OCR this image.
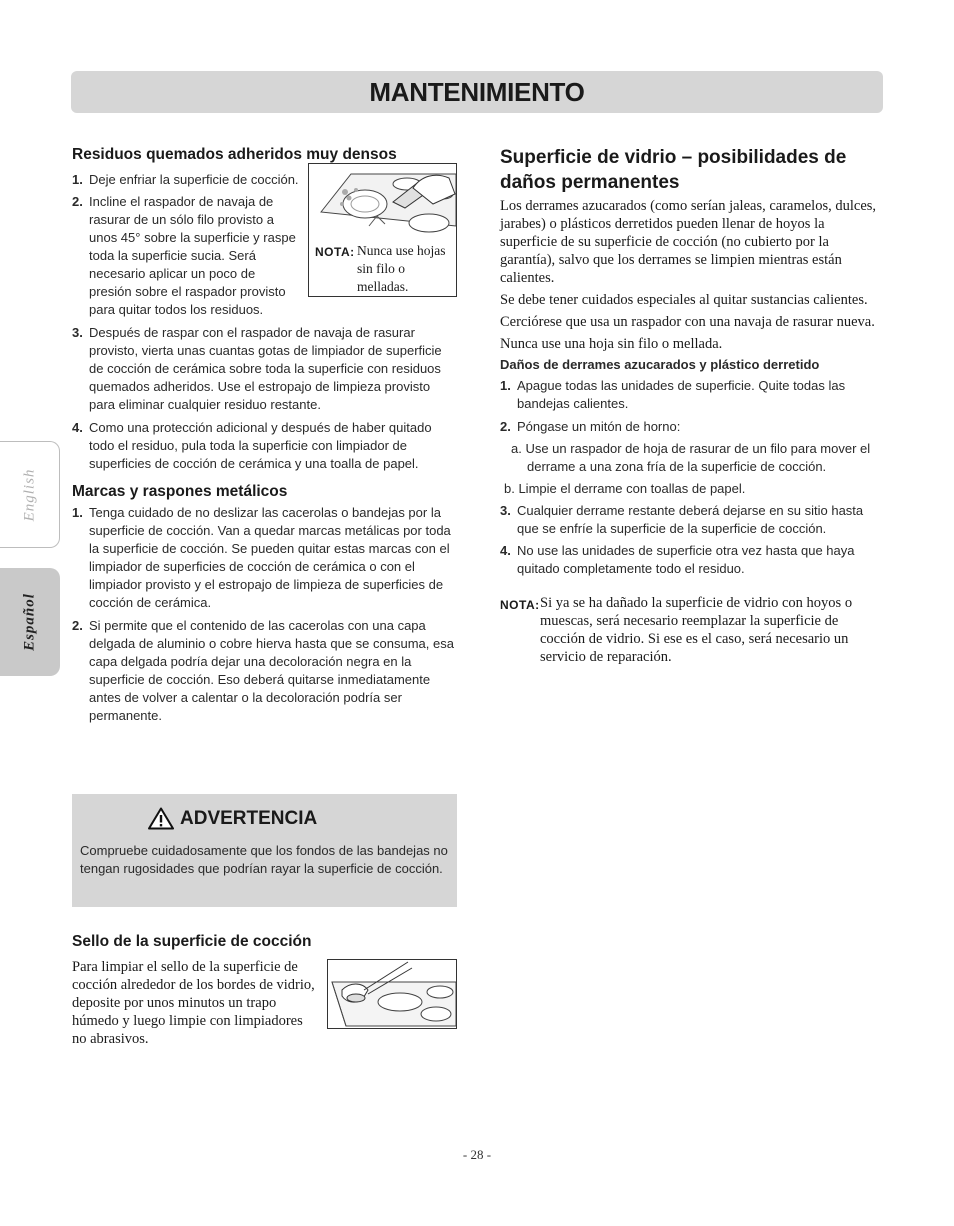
MANTENIMIENTO
English
Español
Residuos quemados adheridos muy densos
NOTA: Nunca use hojas sin filo o melladas.
1. Deje enfriar la superficie de cocción.
2. Incline el raspador de navaja de rasurar de un sólo filo provisto a unos 45° sobre la superficie y raspe toda la superficie sucia. Será necesario aplicar un poco de presión sobre el raspador provisto para quitar todos los residuos.
3. Después de raspar con el raspador de navaja de rasurar provisto, vierta unas cuantas gotas de limpiador de superficie de cocción de cerámica sobre toda la superficie con residuos quemados adheridos. Use el estropajo de limpieza provisto para eliminar cualquier residuo restante.
4. Como una protección adicional y después de haber quitado todo el residuo, pula toda la superficie con limpiador de superficies de cocción de cerámica y una toalla de papel.
Marcas y raspones metálicos
1. Tenga cuidado de no deslizar las cacerolas o bandejas por la superficie de cocción. Van a quedar marcas metálicas por toda la superficie de cocción. Se pueden quitar estas marcas con el limpiador de superficies de cocción de cerámica o con el limpiador provisto y el estropajo de limpieza de superficies de cocción de cerámica.
2. Si permite que el contenido de las cacerolas con una capa delgada de aluminio o cobre hierva hasta que se consuma, esa capa delgada podría dejar una decoloración negra en la superficie de cocción. Eso deberá quitarse inmediatamente antes de volver a calentar o la decoloración podría ser permanente.
ADVERTENCIA

Compruebe cuidadosamente que los fondos de las bandejas no tengan rugosidades que podrían rayar la superficie de cocción.

Sello de la superficie de cocción

Para limpiar el sello de la superficie de cocción alrededor de los bordes de vidrio, deposite por unos minutos un trapo húmedo y luego limpie con limpiadores no abrasivos.

Superficie de vidrio – posibilidades de daños permanentes

Los derrames azucarados (como serían jaleas, caramelos, dulces, jarabes) o plásticos derretidos pueden llenar de hoyos la superficie de su superficie de cocción (no cubierto por la garantía), salvo que los derrames se limpien mientras están calientes.

Se debe tener cuidados especiales al quitar sustancias calientes.

Cerciórese que usa un raspador con una navaja de rasurar nueva.

Nunca use una hoja sin filo o mellada.

Daños de derrames azucarados y plástico derretido

1. Apague todas las unidades de superficie. Quite todas las bandejas calientes.
2. Póngase un mitón de horno:

a. Use un raspador de hoja de rasurar de un filo para mover el derrame a una zona fría de la superficie de cocción.

b. Limpie el derrame con toallas de papel.

3. Cualquier derrame restante deberá dejarse en su sitio hasta que se enfríe la superficie de la superficie de cocción.
4. No use las unidades de superficie otra vez hasta que haya quitado completamente todo el residuo.
NOTA: Si ya se ha dañado la superficie de vidrio con hoyos o muescas, será necesario reemplazar la superficie de cocción de vidrio. Si ese es el caso, será necesario un servicio de reparación.
- 28 -
